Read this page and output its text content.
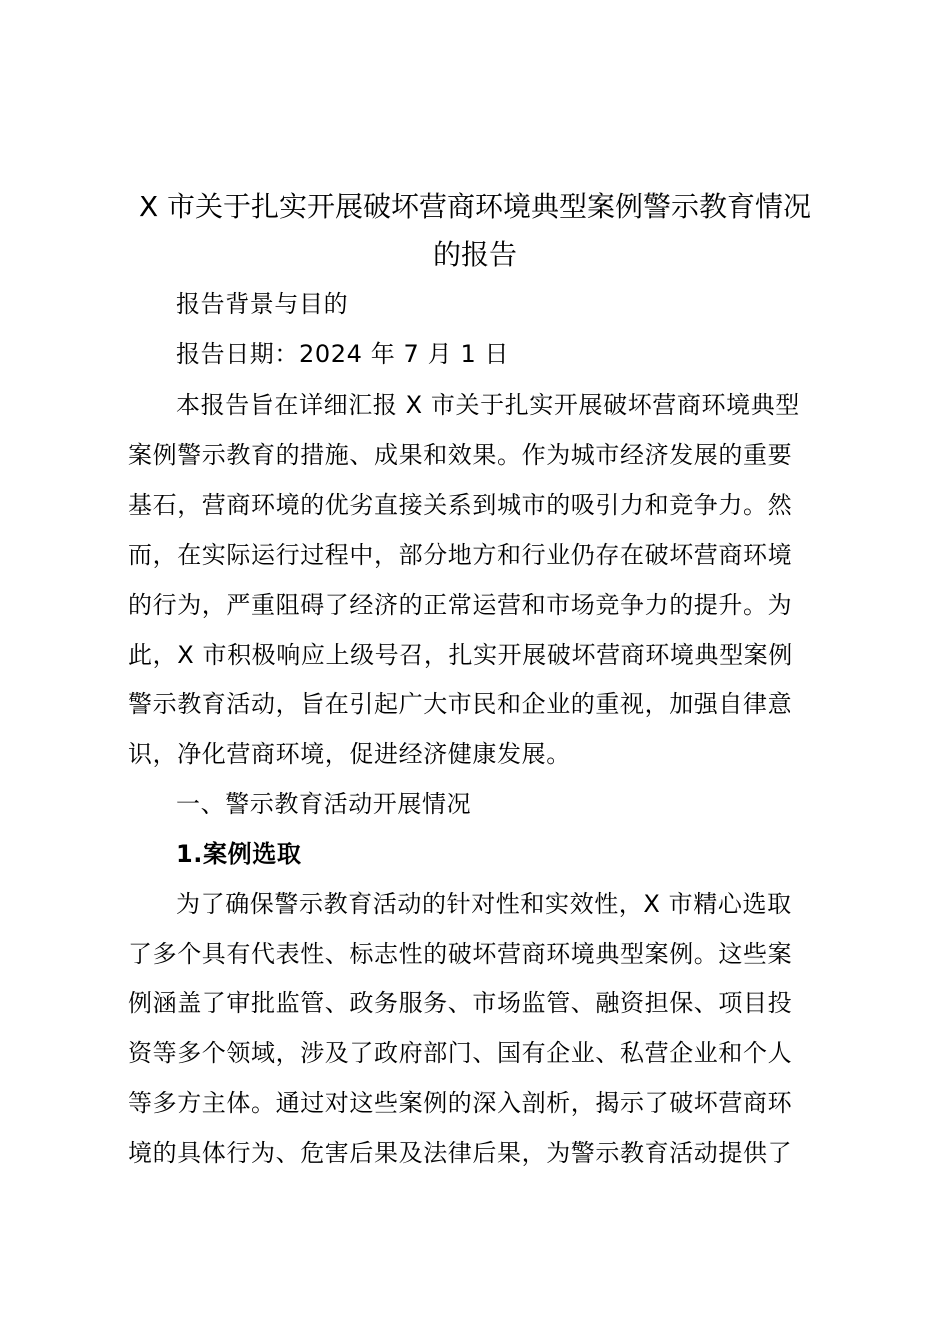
X 市关于扎实开展破坏营商环境典型案例警示教育情况
的报告
报告背景与目的
报告日期：2024 年 7 月 1 日
本报告旨在详细汇报 X 市关于扎实开展破坏营商环境典型
案例警示教育的措施、成果和效果。作为城市经济发展的重要
基石，营商环境的优劣直接关系到城市的吸引力和竞争力。然
而，在实际运行过程中，部分地方和行业仍存在破坏营商环境
的行为，严重阻碍了经济的正常运营和市场竞争力的提升。为
此，X 市积极响应上级号召，扎实开展破坏营商环境典型案例
警示教育活动，旨在引起广大市民和企业的重视，加强自律意
识，净化营商环境，促进经济健康发展。
一、警示教育活动开展情况
1.案例选取
为了确保警示教育活动的针对性和实效性，X 市精心选取
了多个具有代表性、标志性的破坏营商环境典型案例。这些案
例涵盖了审批监管、政务服务、市场监管、融资担保、项目投
资等多个领域，涉及了政府部门、国有企业、私营企业和个人
等多方主体。通过对这些案例的深入剖析，揭示了破坏营商环
境的具体行为、危害后果及法律后果，为警示教育活动提供了
